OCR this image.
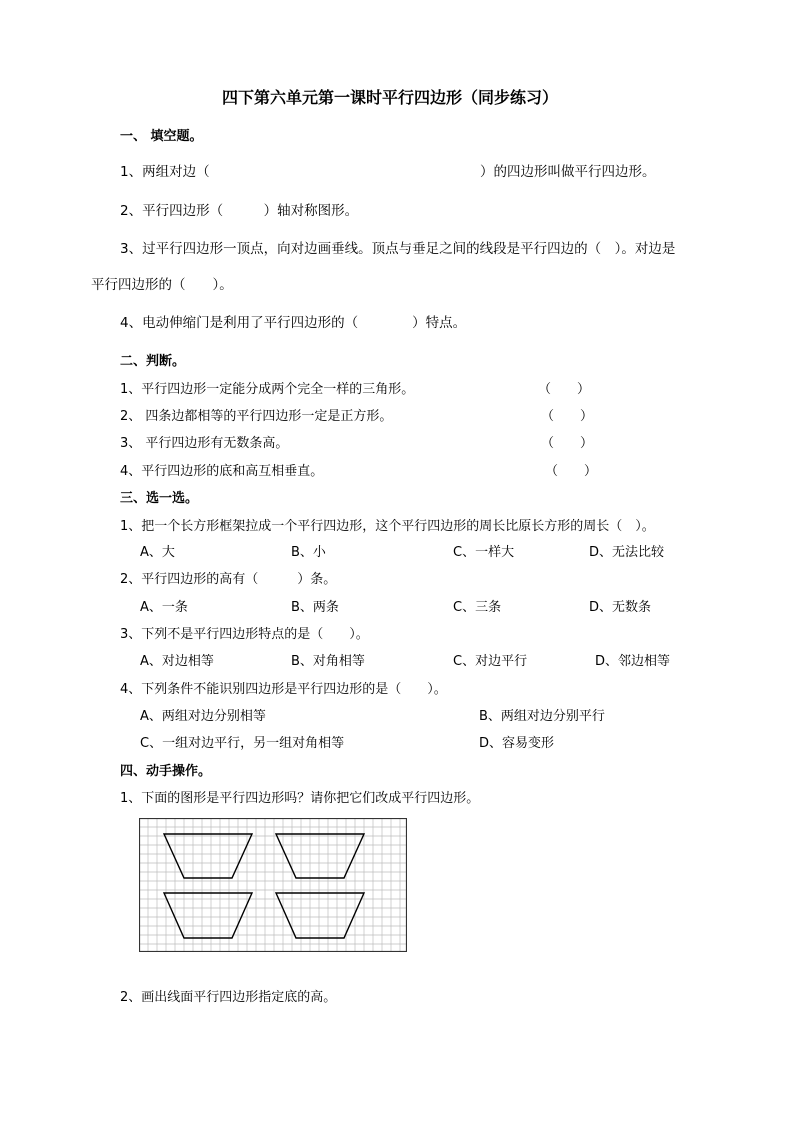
四下第六单元第一课时平行四边形（同步练习）
一、 填空题。
1、两组对边（	）的四边形叫做平行四边形。
2、平行四边形（　　　）轴对称图形。
3、过平行四边形一顶点，向对边画垂线。顶点与垂足之间的线段是平行四边的（　）。对边是
平行四边形的（　　）。
4、电动伸缩门是利用了平行四边形的（　　　　）特点。
二、判断。
1、平行四边形一定能分成两个完全一样的三角形。	（　　）
2、 四条边都相等的平行四边形一定是正方形。	（　　）
3、 平行四边形有无数条高。	（　　）
4、平行四边形的底和高互相垂直。	（　　）
三、选一选。
1、把一个长方形框架拉成一个平行四边形，这个平行四边形的周长比原长方形的周长（　）。
A、大	B、小	C、一样大	D、无法比较
2、平行四边形的高有（　　　）条。
A、一条	B、两条	C、三条	D、无数条
3、下列不是平行四边形特点的是（　　）。
A、对边相等	B、对角相等	C、对边平行	D、邻边相等
4、下列条件不能识别四边形是平行四边形的是（　　）。
A、两组对边分别相等	B、两组对边分别平行
C、一组对边平行，另一组对角相等	D、容易变形
四、动手操作。
1、下面的图形是平行四边形吗？请你把它们改成平行四边形。
2、画出线面平行四边形指定底的高。
